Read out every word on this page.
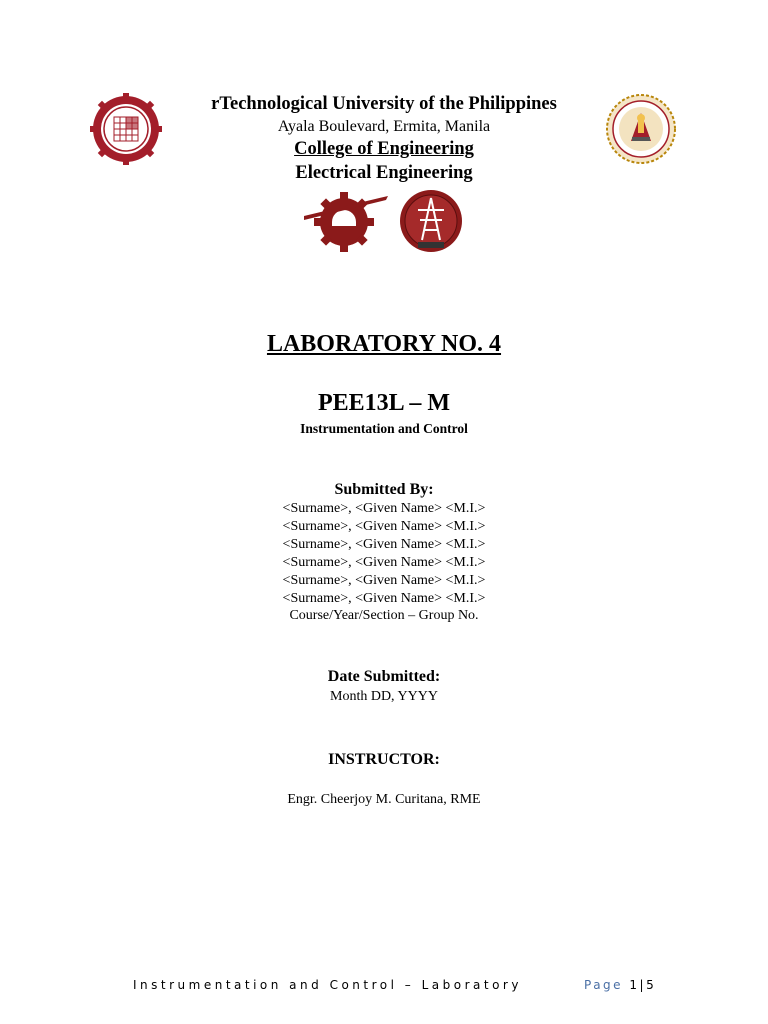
rTechnological University of the Philippines
Ayala Boulevard, Ermita, Manila
College of Engineering
Electrical Engineering
LABORATORY NO. 4
PEE13L – M
Instrumentation and Control
Submitted By:
<Surname>, <Given Name> <M.I.>
<Surname>, <Given Name> <M.I.>
<Surname>, <Given Name> <M.I.>
<Surname>, <Given Name> <M.I.>
<Surname>, <Given Name> <M.I.>
<Surname>, <Given Name> <M.I.>
Course/Year/Section – Group No.
Date Submitted:
Month DD, YYYY
INSTRUCTOR:
Engr. Cheerjoy M. Curitana, RME
Instrumentation and Control – Laboratory	Page 1|5
